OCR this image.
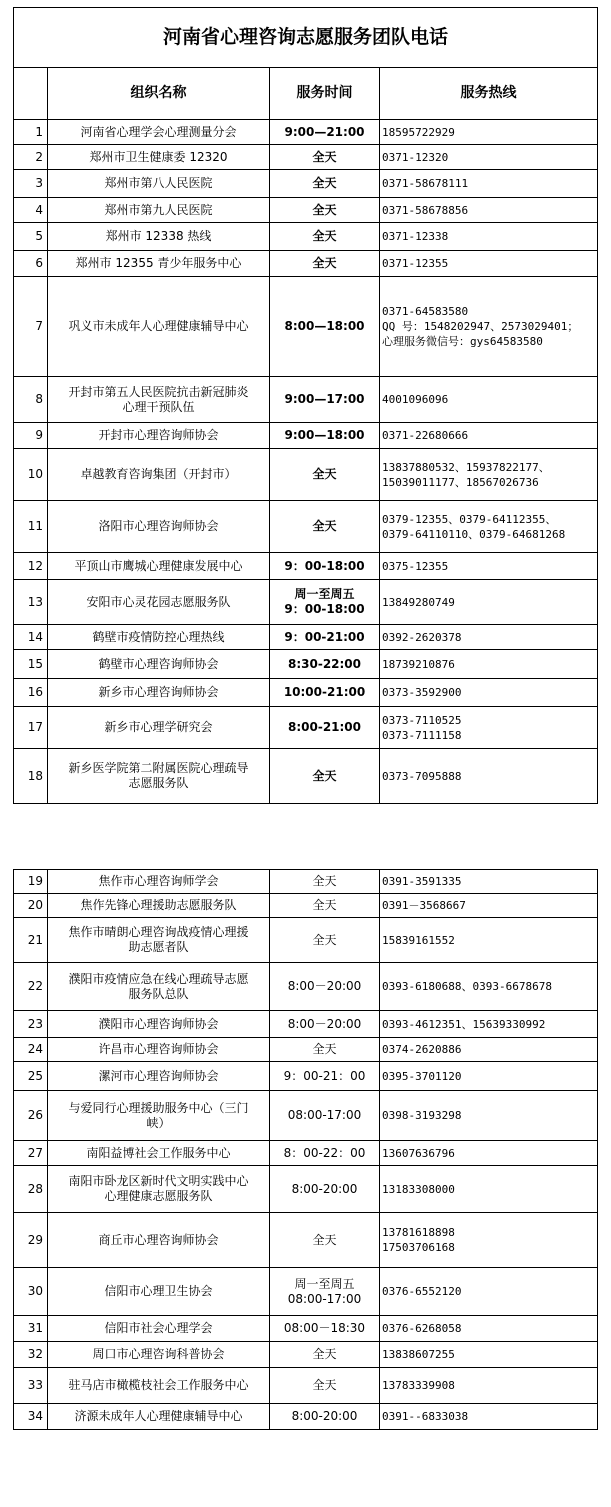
河南省心理咨询志愿服务团队电话			
	组织名称	服务时间	服务热线
1	河南省心理学会心理测量分会	9:00—21:00	18595722929
2	郑州市卫生健康委 12320	全天	0371-12320
3	郑州市第八人民医院	全天	0371-58678111
4	郑州市第九人民医院	全天	0371-58678856
5	郑州市 12338 热线	全天	0371-12338
6	郑州市 12355 青少年服务中心	全天	0371-12355
7	巩义市未成年人心理健康辅导中心	8:00—18:00	0371-64583580
QQ 号：1548202947、2573029401；
心理服务微信号：gys64583580
8	开封市第五人民医院抗击新冠肺炎
心理干预队伍	9:00—17:00	4001096096
9	开封市心理咨询师协会	9:00—18:00	0371-22680666
10	卓越教育咨询集团（开封市）	全天	13837880532、15937822177、
15039011177、18567026736
11	洛阳市心理咨询师协会	全天	0379-12355、0379-64112355、
0379-64110110、0379-64681268
12	平顶山市鹰城心理健康发展中心	9：00-18:00	0375-12355
13	安阳市心灵花园志愿服务队	周一至周五
9：00-18:00	13849280749
14	鹤壁市疫情防控心理热线	9：00-21:00	0392-2620378
15	鹤壁市心理咨询师协会	8:30-22:00	18739210876
16	新乡市心理咨询师协会	10:00-21:00	0373-3592900
17	新乡市心理学研究会	8:00-21:00	0373-7110525
0373-7111158
18	新乡医学院第二附属医院心理疏导
志愿服务队	全天	0373-7095888
19	焦作市心理咨询师学会	全天	0391-3591335
20	焦作先锋心理援助志愿服务队	全天	0391－3568667
21	焦作市晴朗心理咨询战疫情心理援
助志愿者队	全天	15839161552
22	濮阳市疫情应急在线心理疏导志愿
服务队总队	8:00－20:00	0393-6180688、0393-6678678
23	濮阳市心理咨询师协会	8:00－20:00	0393-4612351、15639330992
24	许昌市心理咨询师协会	全天	0374-2620886
25	漯河市心理咨询师协会	9：00-21：00	0395-3701120
26	与爱同行心理援助服务中心（三门
峡）	08:00-17:00	0398-3193298
27	南阳益博社会工作服务中心	8：00-22：00	13607636796
28	南阳市卧龙区新时代文明实践中心
心理健康志愿服务队	8:00-20:00	13183308000
29	商丘市心理咨询师协会	全天	13781618898
17503706168
30	信阳市心理卫生协会	周一至周五
08:00-17:00	0376-6552120
31	信阳市社会心理学会	08:00－18:30	0376-6268058
32	周口市心理咨询科普协会	全天	13838607255
33	驻马店市橄榄枝社会工作服务中心	全天	13783339908
34	济源未成年人心理健康辅导中心	8:00-20:00	0391--6833038
